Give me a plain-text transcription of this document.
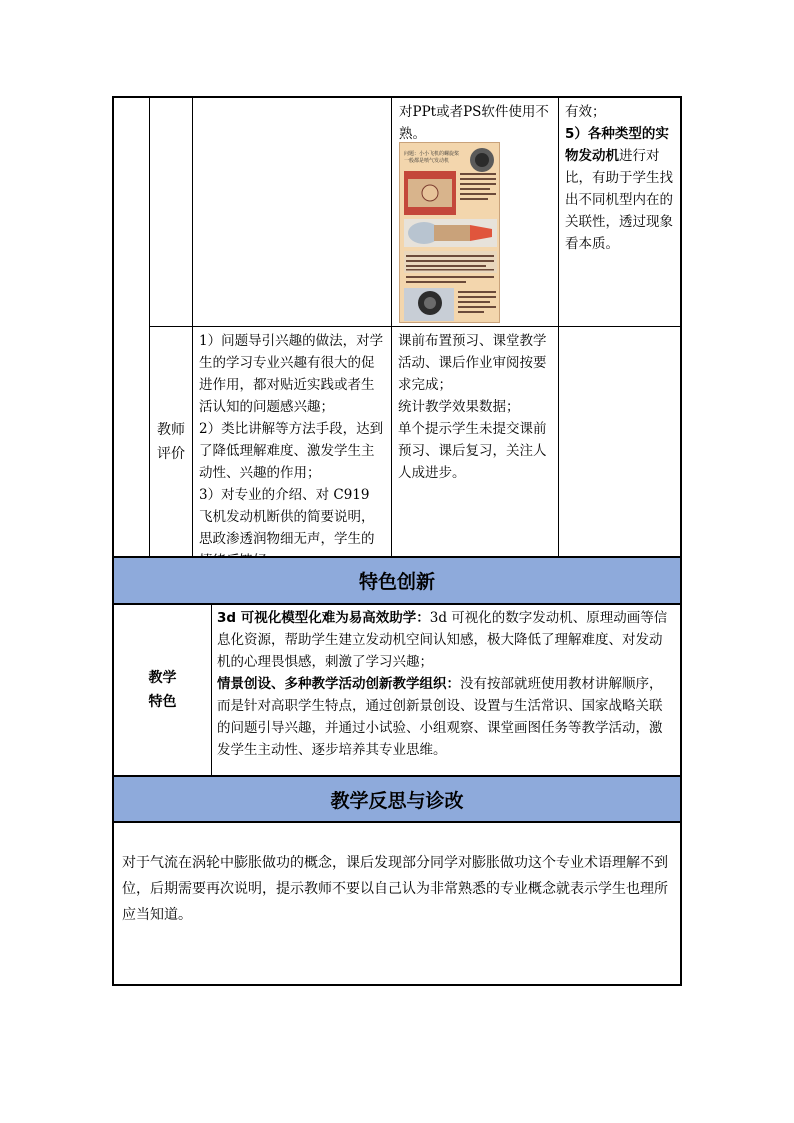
对PPt或者PS软件使用不熟。
问题：小小飞机的螺旋桨
一般都是喷气发动机
有效；
5）各种类型的实物发动机进行对比，有助于学生找出不同机型内在的关联性，透过现象看本质。
教师
评价
1）问题导引兴趣的做法，对学生的学习专业兴趣有很大的促进作用，都对贴近实践或者生活认知的问题感兴趣；
2）类比讲解等方法手段，达到了降低理解难度、激发学生主动性、兴趣的作用；
3）对专业的介绍、对 C919 飞机发动机断供的简要说明，思政渗透润物细无声，学生的
课前布置预习、课堂教学活动、课后作业审阅按要求完成；
统计教学效果数据；
单个提示学生未提交课前预习、课后复习，关注人人成进步。
特色创新
教学
特色
3d 可视化模型化难为易高效助学：3d 可视化的数字发动机、原理动画等信息化资源，帮助学生建立发动机空间认知感，极大降低了理解难度、对发动机的心理畏惧感，刺激了学习兴趣；
情景创设、多种教学活动创新教学组织：没有按部就班使用教材讲解顺序，而是针对高职学生特点，通过创新景创设、设置与生活常识、国家战略关联的问题引导兴趣，并通过小试验、小组观察、课堂画图任务等教学活动，激发学生主动性、逐步培养其专业思维。
教学反思与诊改
对于气流在涡轮中膨胀做功的概念，课后发现部分同学对膨胀做功这个专业术语理解不到位，后期需要再次说明，提示教师不要以自己认为非常熟悉的专业概念就表示学生也理所应当知道。
